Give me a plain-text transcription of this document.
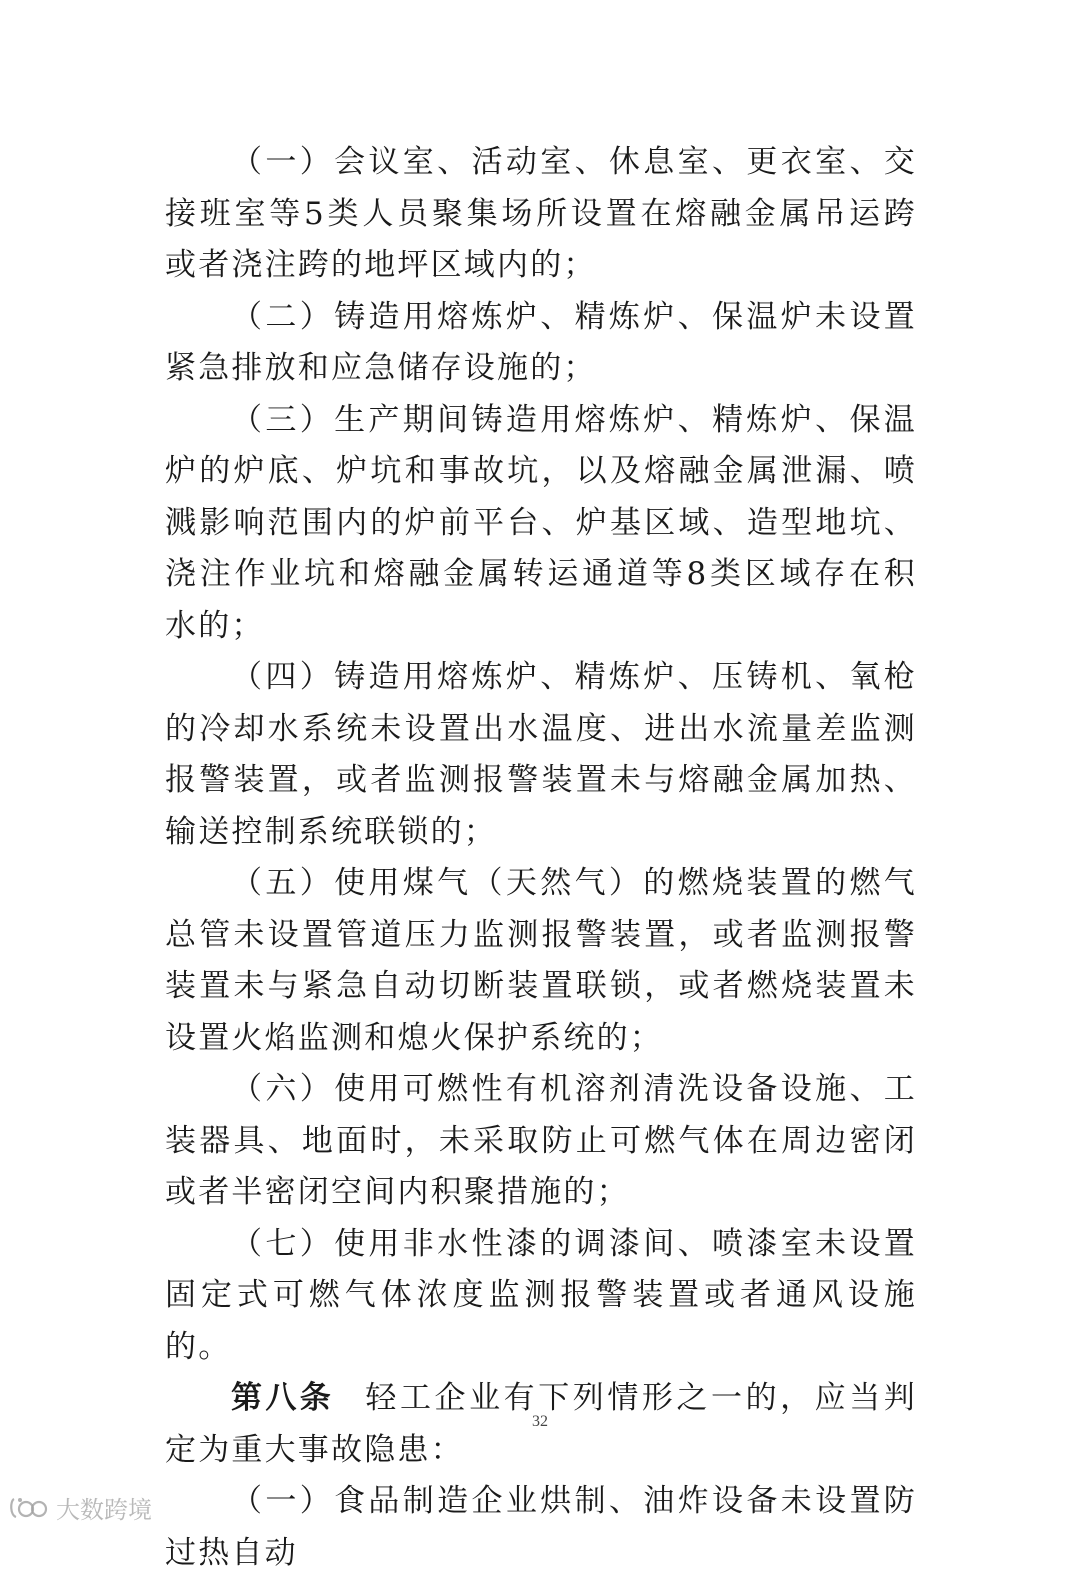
（一）会议室、活动室、休息室、更衣室、交接班室等5类人员聚集场所设置在熔融金属吊运跨或者浇注跨的地坪区域内的；

（二）铸造用熔炼炉、精炼炉、保温炉未设置紧急排放和应急储存设施的；

（三）生产期间铸造用熔炼炉、精炼炉、保温炉的炉底、炉坑和事故坑，以及熔融金属泄漏、喷溅影响范围内的炉前平台、炉基区域、造型地坑、浇注作业坑和熔融金属转运通道等8类区域存在积水的；

（四）铸造用熔炼炉、精炼炉、压铸机、氧枪的冷却水系统未设置出水温度、进出水流量差监测报警装置，或者监测报警装置未与熔融金属加热、输送控制系统联锁的；

（五）使用煤气（天然气）的燃烧装置的燃气总管未设置管道压力监测报警装置，或者监测报警装置未与紧急自动切断装置联锁，或者燃烧装置未设置火焰监测和熄火保护系统的；

（六）使用可燃性有机溶剂清洗设备设施、工装器具、地面时，未采取防止可燃气体在周边密闭或者半密闭空间内积聚措施的；

（七）使用非水性漆的调漆间、喷漆室未设置固定式可燃气体浓度监测报警装置或者通风设施的。

第八条 轻工企业有下列情形之一的，应当判定为重大事故隐患：

（一）食品制造企业烘制、油炸设备未设置防过热自动

32
大数跨境
